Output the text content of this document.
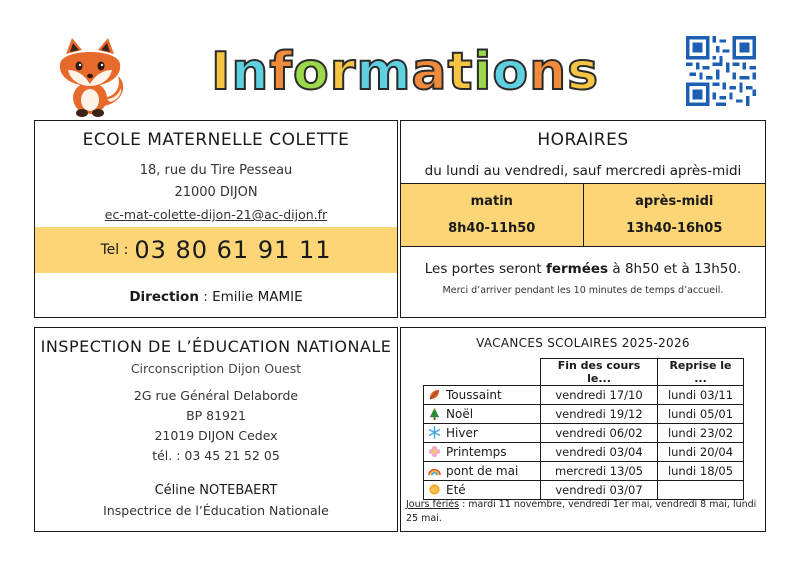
I n f o r m a t i o n s
ECOLE MATERNELLE COLETTE
18, rue du Tire Pesseau
21000 DIJON
ec-mat-colette-dijon-21@ac-dijon.fr
Tel : 03 80 61 91 11
Direction : Emilie MAMIE
HORAIRES
du lundi au vendredi, sauf mercredi après-midi
matin
8h40-11h50
après-midi
13h40-16h05
Les portes seront fermées à 8h50 et à 13h50.
Merci d’arriver pendant les 10 minutes de temps d’accueil.
INSPECTION DE L’ÉDUCATION NATIONALE
Circonscription Dijon Ouest
2G rue Général Delaborde
BP 81921
21019 DIJON Cedex
tél. : 03 45 21 52 05
Céline NOTEBAERT
Inspectrice de l’Éducation Nationale
VACANCES SCOLAIRES 2025-2026
	Fin des cours le...	Reprise le ...
Toussaint	vendredi 17/10	lundi 03/11
Noël	vendredi 19/12	lundi 05/01
Hiver	vendredi 06/02	lundi 23/02
Printemps	vendredi 03/04	lundi 20/04
pont de mai	mercredi 13/05	lundi 18/05
Eté	vendredi 03/07	
Jours fériés : mardi 11 novembre, vendredi 1er mai, vendredi 8 mai, lundi 25 mai.
